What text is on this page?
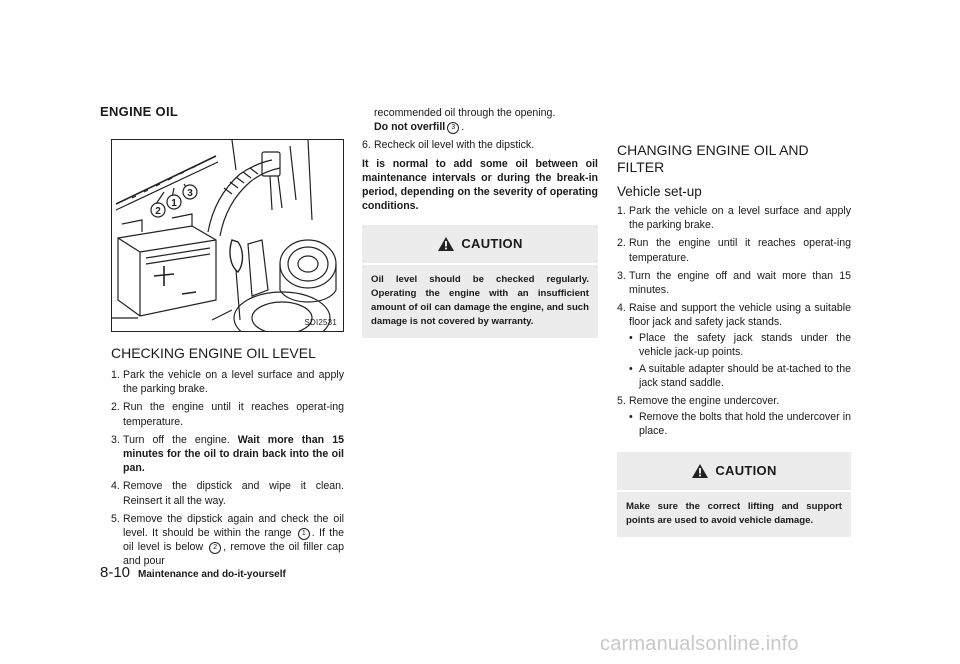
ENGINE OIL
2
1
3
SDI2531
CHECKING ENGINE OIL LEVEL
1. Park the vehicle on a level surface and apply the parking brake.
2. Run the engine until it reaches operat-ing temperature.
3. Turn off the engine. Wait more than 15 minutes for the oil to drain back into the oil pan.
4. Remove the dipstick and wipe it clean. Reinsert it all the way.
5. Remove the dipstick again and check the oil level. It should be within the range 1 . If the oil level is below 2 , remove the oil filler cap and pour
recommended oil through the opening.
Do not overfill 3 .
6. Recheck oil level with the dipstick.
It is normal to add some oil between oil maintenance intervals or during the break-in period, depending on the severity of operating conditions.
CAUTION
Oil level should be checked regularly. Operating the engine with an insufficient amount of oil can damage the engine, and such damage is not covered by warranty.
CHANGING ENGINE OIL AND FILTER
Vehicle set-up
1. Park the vehicle on a level surface and apply the parking brake.
2. Run the engine until it reaches operat-ing temperature.
3. Turn the engine off and wait more than 15 minutes.
4. Raise and support the vehicle using a suitable floor jack and safety jack stands.
• Place the safety jack stands under the vehicle jack-up points.
• A suitable adapter should be at-tached to the jack stand saddle.
5. Remove the engine undercover.
• Remove the bolts that hold the undercover in place.
CAUTION
Make sure the correct lifting and support points are used to avoid vehicle damage.
8-10 Maintenance and do-it-yourself
carmanualsonline.info
